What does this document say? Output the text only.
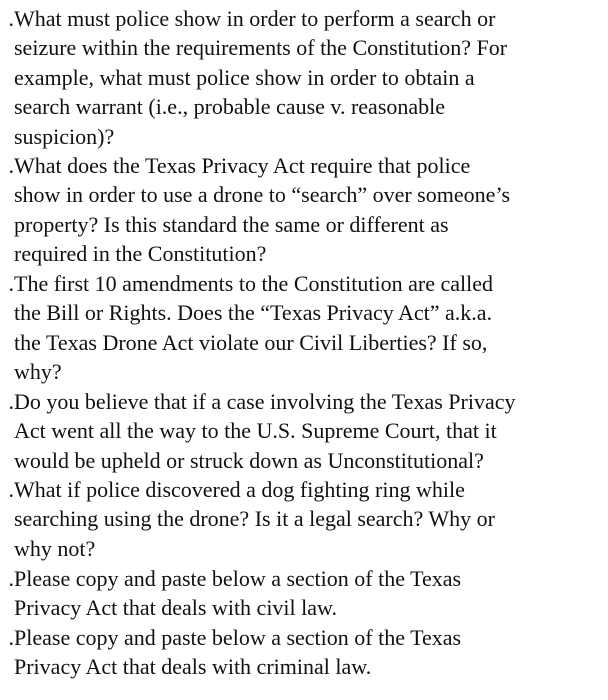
. What must police show in order to perform a search or
seizure within the requirements of the Constitution? For
example, what must police show in order to obtain a
search warrant (i.e., probable cause v. reasonable
suspicion)?
. What does the Texas Privacy Act require that police
show in order to use a drone to “search” over someone’s
property? Is this standard the same or different as
required in the Constitution?
. The first 10 amendments to the Constitution are called
the Bill or Rights. Does the “Texas Privacy Act” a.k.a.
the Texas Drone Act violate our Civil Liberties? If so,
why?
. Do you believe that if a case involving the Texas Privacy
Act went all the way to the U.S. Supreme Court, that it
would be upheld or struck down as Unconstitutional?
. What if police discovered a dog fighting ring while
searching using the drone? Is it a legal search? Why or
why not?
. Please copy and paste below a section of the Texas
Privacy Act that deals with civil law.
. Please copy and paste below a section of the Texas
Privacy Act that deals with criminal law.
